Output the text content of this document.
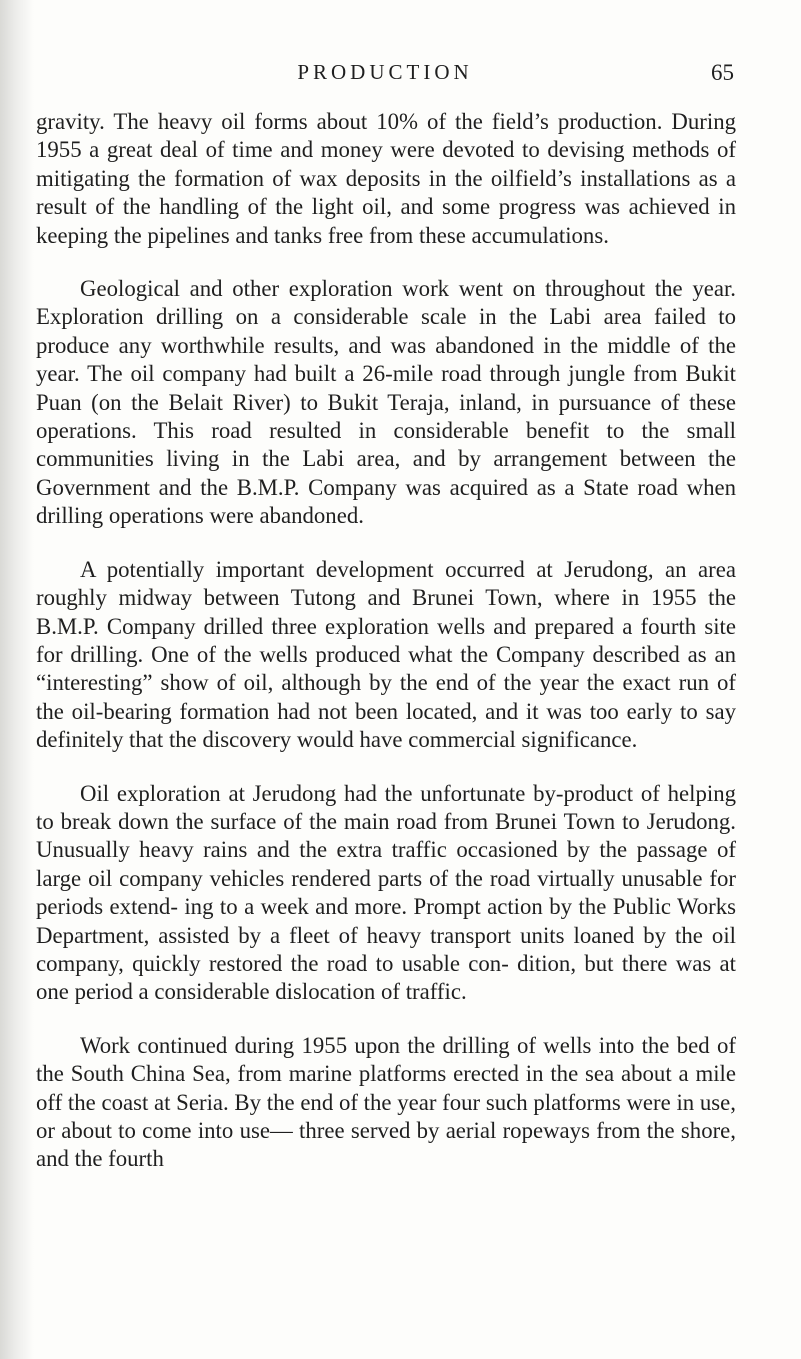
PRODUCTION	65

gravity. The heavy oil forms about 10% of the field’s production. During 1955 a great deal of time and money were devoted to devising methods of mitigating the formation of wax deposits in the oilfield’s installations as a result of the handling of the light oil, and some progress was achieved in keeping the pipelines and tanks free from these accumulations.

Geological and other exploration work went on throughout the year. Exploration drilling on a considerable scale in the Labi area failed to produce any worthwhile results, and was abandoned in the middle of the year. The oil company had built a 26-mile road through jungle from Bukit Puan (on the Belait River) to Bukit Teraja, inland, in pursuance of these operations. This road resulted in considerable benefit to the small communities living in the Labi area, and by arrangement between the Government and the B.M.P. Company was acquired as a State road when drilling operations were abandoned.

A potentially important development occurred at Jerudong, an area roughly midway between Tutong and Brunei Town, where in 1955 the B.M.P. Company drilled three exploration wells and prepared a fourth site for drilling. One of the wells produced what the Company described as an “interesting” show of oil, although by the end of the year the exact run of the oil-bearing formation had not been located, and it was too early to say definitely that the discovery would have commercial significance.

Oil exploration at Jerudong had the unfortunate by-product of helping to break down the surface of the main road from Brunei Town to Jerudong. Unusually heavy rains and the extra traffic occasioned by the passage of large oil company vehicles rendered parts of the road virtually unusable for periods extend- ing to a week and more. Prompt action by the Public Works Department, assisted by a fleet of heavy transport units loaned by the oil company, quickly restored the road to usable con- dition, but there was at one period a considerable dislocation of traffic.

Work continued during 1955 upon the drilling of wells into the bed of the South China Sea, from marine platforms erected in the sea about a mile off the coast at Seria. By the end of the year four such platforms were in use, or about to come into use— three served by aerial ropeways from the shore, and the fourth
